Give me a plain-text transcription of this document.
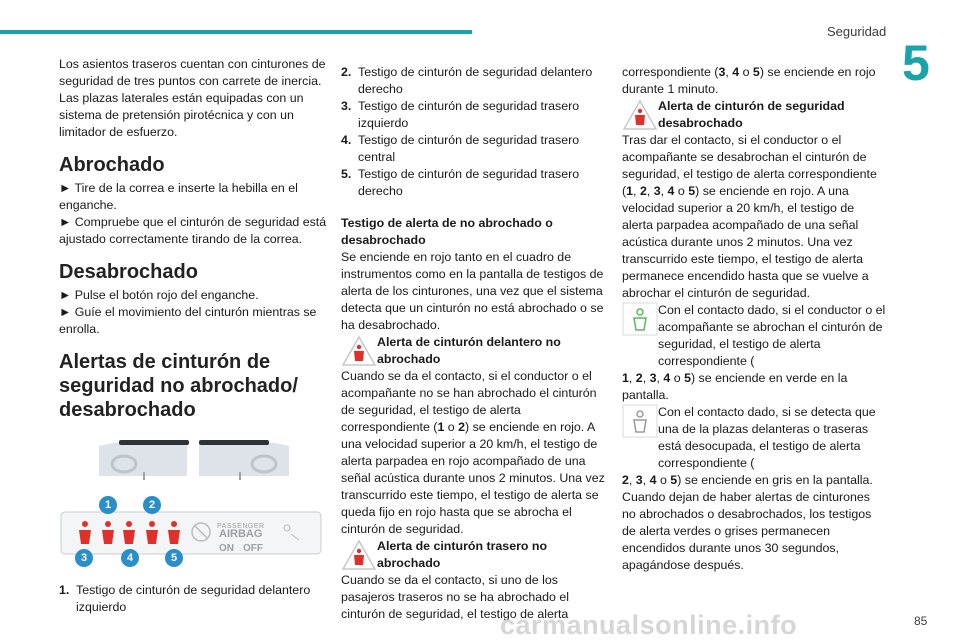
Seguridad
5

Los asientos traseros cuentan con cinturones de seguridad de tres puntos con carrete de inercia. Las plazas laterales están equipadas con un sistema de pretensión pirotécnica y con un limitador de esfuerzo.

Abrochado

► Tire de la correa e inserte la hebilla en el enganche.

► Compruebe que el cinturón de seguridad está ajustado correctamente tirando de la correa.

Desabrochado

► Pulse el botón rojo del enganche.

► Guíe el movimiento del cinturón mientras se enrolla.

Alertas de cinturón de seguridad no abrochado/ desabrochado
PASSENGER
AIRBAG
ON OFF
1	2
3	4	5
1. Testigo de cinturón de seguridad delantero izquierdo
2. Testigo de cinturón de seguridad delantero derecho
3. Testigo de cinturón de seguridad trasero izquierdo
4. Testigo de cinturón de seguridad trasero central
5. Testigo de cinturón de seguridad trasero derecho

Testigo de alerta de no abrochado o desabrochado

Se enciende en rojo tanto en el cuadro de instrumentos como en la pantalla de testigos de alerta de los cinturones, una vez que el sistema detecta que un cinturón no está abrochado o se ha desabrochado.

Alerta de cinturón delantero no abrochado

Cuando se da el contacto, si el conductor o el acompañante no se han abrochado el cinturón de seguridad, el testigo de alerta correspondiente (1 o 2) se enciende en rojo. A una velocidad superior a 20 km/h, el testigo de alerta parpadea en rojo acompañado de una señal acústica durante unos 2 minutos. Una vez transcurrido este tiempo, el testigo de alerta se queda fijo en rojo hasta que se abrocha el cinturón de seguridad.

Alerta de cinturón trasero no abrochado

Cuando se da el contacto, si uno de los pasajeros traseros no se ha abrochado el cinturón de seguridad, el testigo de alerta

correspondiente (3, 4 o 5) se enciende en rojo durante 1 minuto.

Alerta de cinturón de seguridad desabrochado

Tras dar el contacto, si el conductor o el acompañante se desabrochan el cinturón de seguridad, el testigo de alerta correspondiente (1, 2, 3, 4 o 5) se enciende en rojo. A una velocidad superior a 20 km/h, el testigo de alerta parpadea acompañado de una señal acústica durante unos 2 minutos. Una vez transcurrido este tiempo, el testigo de alerta permanece encendido hasta que se vuelve a abrochar el cinturón de seguridad.

Con el contacto dado, si el conductor o el acompañante se abrochan el cinturón de seguridad, el testigo de alerta correspondiente (

1, 2, 3, 4 o 5) se enciende en verde en la pantalla.

Con el contacto dado, si se detecta que una de la plazas delanteras o traseras está desocupada, el testigo de alerta correspondiente (

2, 3, 4 o 5) se enciende en gris en la pantalla.

Cuando dejan de haber alertas de cinturones no abrochados o desabrochados, los testigos de alerta verdes o grises permanecen encendidos durante unos 30 segundos, apagándose después.

carmanualsonline.info	85
